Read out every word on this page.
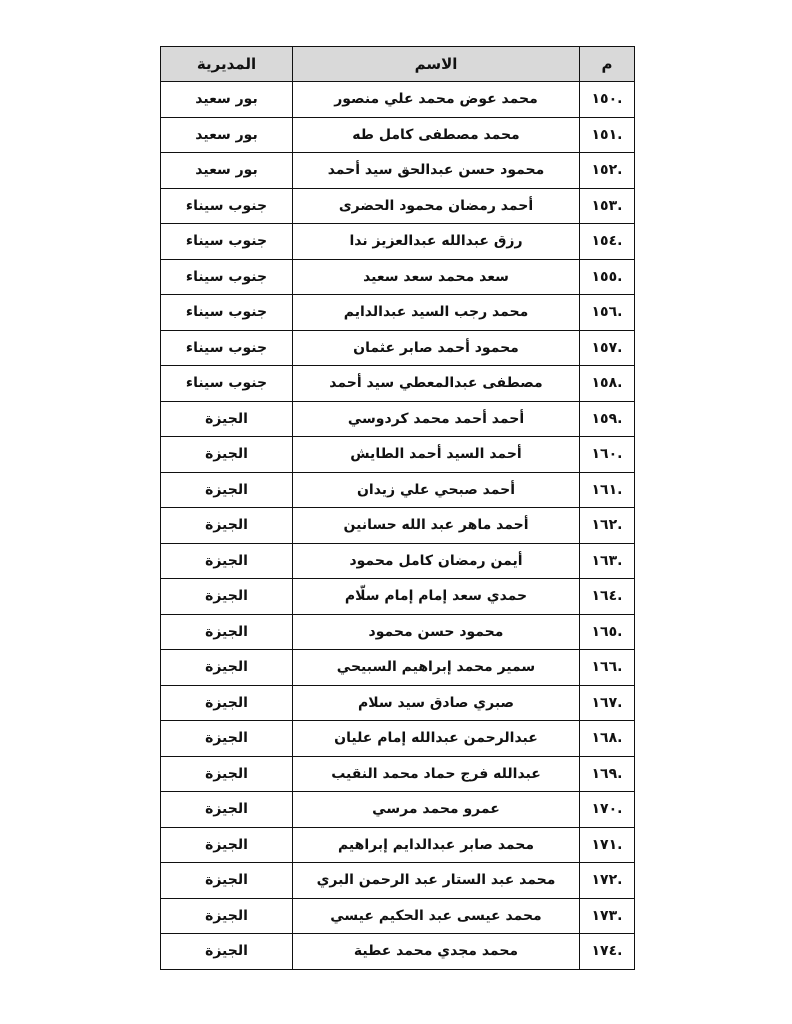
م	الاسم	المديرية
.١٥٠	محمد عوض محمد علي منصور	بور سعيد
.١٥١	محمد مصطفى كامل طه	بور سعيد
.١٥٢	محمود حسن عبدالحق سيد أحمد	بور سعيد
.١٥٣	أحمد رمضان محمود الحضرى	جنوب سيناء
.١٥٤	رزق عبدالله عبدالعزيز ندا	جنوب سيناء
.١٥٥	سعد محمد سعد سعيد	جنوب سيناء
.١٥٦	محمد رجب السيد عبدالدايم	جنوب سيناء
.١٥٧	محمود أحمد صابر عثمان	جنوب سيناء
.١٥٨	مصطفى عبدالمعطي سيد أحمد	جنوب سيناء
.١٥٩	أحمد أحمد محمد كردوسي	الجيزة
.١٦٠	أحمد السيد أحمد الطايش	الجيزة
.١٦١	أحمد صبحي علي زيدان	الجيزة
.١٦٢	أحمد ماهر عبد الله حسانين	الجيزة
.١٦٣	أيمن رمضان كامل محمود	الجيزة
.١٦٤	حمدي سعد إمام إمام سلّام	الجيزة
.١٦٥	محمود حسن محمود	الجيزة
.١٦٦	سمير محمد إبراهيم السبيحي	الجيزة
.١٦٧	صبري صادق سيد سلام	الجيزة
.١٦٨	عبدالرحمن عبدالله إمام عليان	الجيزة
.١٦٩	عبدالله فرج حماد محمد النقيب	الجيزة
.١٧٠	عمرو محمد مرسي	الجيزة
.١٧١	محمد صابر عبدالدايم إبراهيم	الجيزة
.١٧٢	محمد عبد الستار عبد الرحمن البري	الجيزة
.١٧٣	محمد عيسى عبد الحكيم عيسي	الجيزة
.١٧٤	محمد مجدي محمد عطية	الجيزة
